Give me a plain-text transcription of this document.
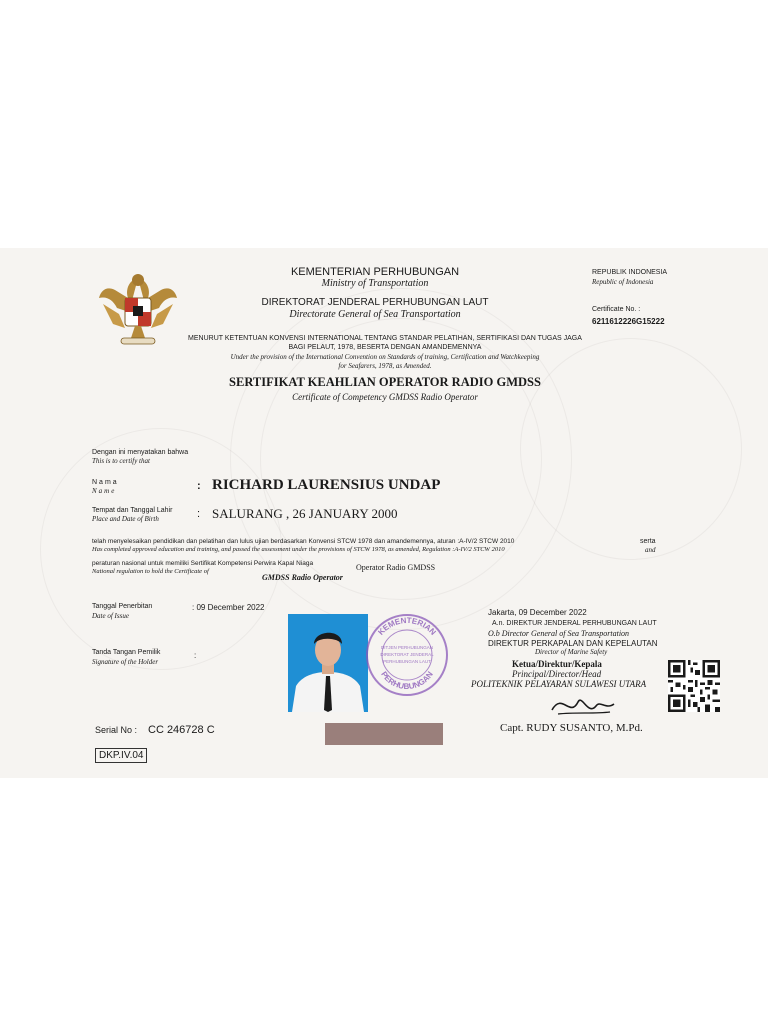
KEMENTERIAN PERHUBUNGAN
Ministry of Transportation
DIREKTORAT JENDERAL PERHUBUNGAN LAUT
Directorate General of Sea Transportation
REPUBLIK INDONESIA
Republic of Indonesia
Certificate No. :
6211612226G15222
MENURUT KETENTUAN KONVENSI INTERNATIONAL TENTANG STANDAR PELATIHAN, SERTIFIKASI DAN TUGAS JAGA
BAGI PELAUT, 1978, BESERTA DENGAN AMANDEMENNYA
Under the provision of the International Convention on Standards of training, Certification and Watchkeeping
for Seafarers, 1978, as Amended.
SERTIFIKAT KEAHLIAN OPERATOR RADIO GMDSS
Certificate of Competency GMDSS Radio Operator
Dengan ini menyatakan bahwa
This is to certify that
Nama
Name	: RICHARD LAURENSIUS UNDAP
Tempat dan Tanggal Lahir
Place and Date of Birth	: SALURANG , 26 JANUARY 2000
telah menyelesaikan pendidikan dan pelatihan dan lulus ujian berdasarkan Konvensi STCW 1978 dan amandemennya, aturan :A-IV/2 STCW 2010
Has completed approved education and training, and passed the assessment under the provisions of STCW 1978, as amended, Regulation :A-IV/2 STCW 2010
serta
and
peraturan nasional untuk memiliki Sertifikat Kompetensi Perwira Kapal Niaga
National regulation to hold the Certificate of	Operator Radio GMDSS
GMDSS Radio Operator
Tanggal Penerbitan
Date of Issue
: 09 December 2022
Tanda Tangan Pemilik
Signature of the Holder
:
KEMENTERIAN
PERHUBUNGAN
DITJEN PERHUBUNGAN
DIREKTORAT JENDERAL
PERHUBUNGAN LAUT
Jakarta, 09 December 2022
A.n. DIREKTUR JENDERAL PERHUBUNGAN LAUT
O.b Director General of Sea Transportation
DIREKTUR PERKAPALAN DAN KEPELAUTAN
Director of Marine Safety
Ketua/Direktur/Kepala
Principal/Director/Head
POLITEKNIK PELAYARAN SULAWESI UTARA
Capt. RUDY SUSANTO, M.Pd.
Serial No : CC 246728 C
DKP.IV.04
